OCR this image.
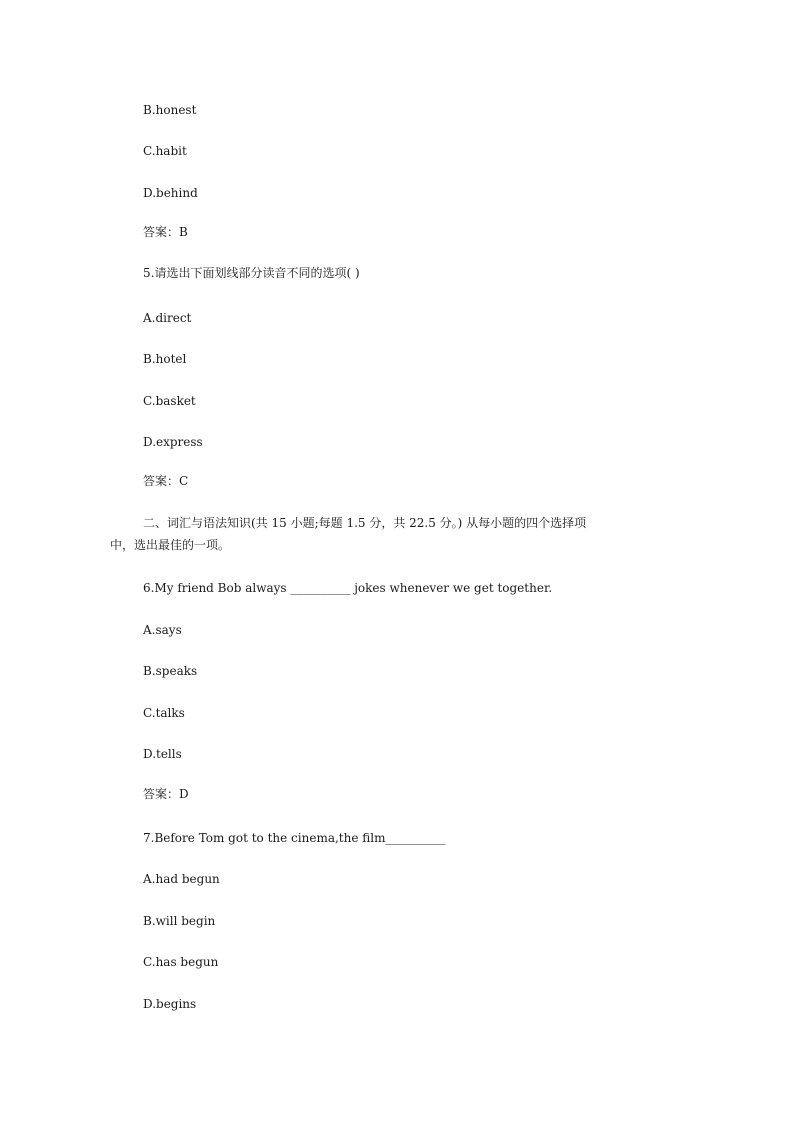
B.honest
C.habit
D.behind
答案：B
5.请选出下面划线部分读音不同的选项( )
A.direct
B.hotel
C.basket
D.express
答案：C
二、词汇与语法知识(共 15 小题;每题 1.5 分，共 22.5 分。) 从每小题的四个选择项
中，选出最佳的一项。
6.My friend Bob always __________ jokes whenever we get together.
A.says
B.speaks
C.talks
D.tells
答案：D
7.Before Tom got to the cinema,the film__________
A.had begun
B.will begin
C.has begun
D.begins
